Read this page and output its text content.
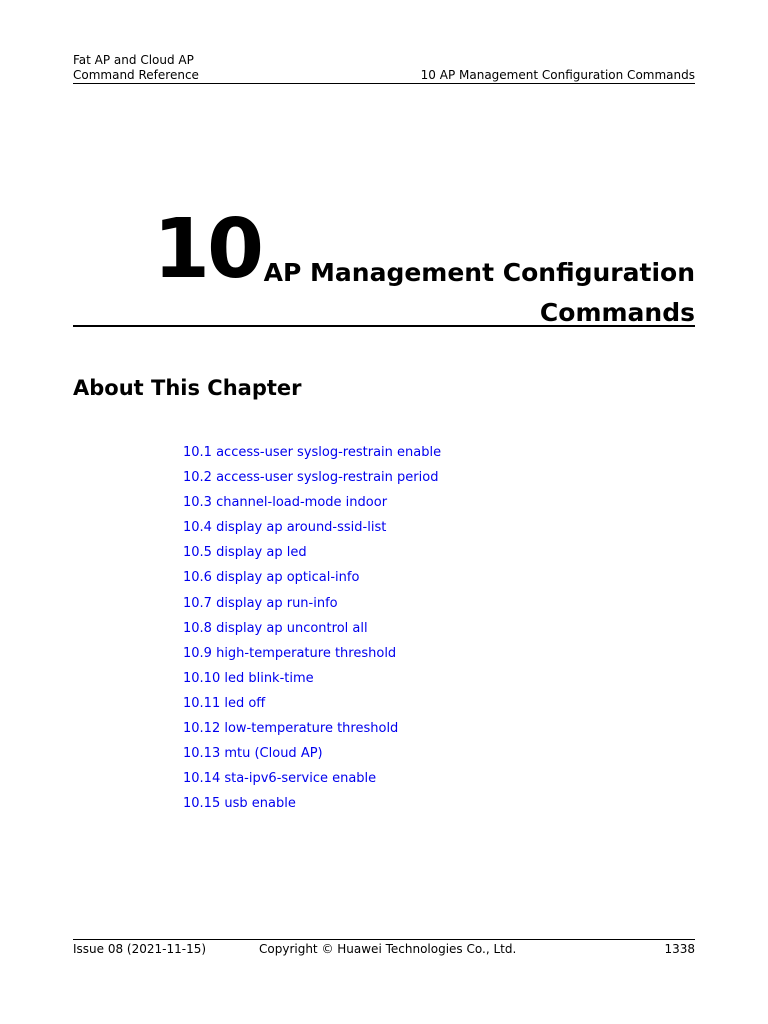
Fat AP and Cloud AP
Command Reference	10 AP Management Configuration Commands
10 AP Management Configuration
Commands
About This Chapter
10.1 access-user syslog-restrain enable
10.2 access-user syslog-restrain period
10.3 channel-load-mode indoor
10.4 display ap around-ssid-list
10.5 display ap led
10.6 display ap optical-info
10.7 display ap run-info
10.8 display ap uncontrol all
10.9 high-temperature threshold
10.10 led blink-time
10.11 led off
10.12 low-temperature threshold
10.13 mtu (Cloud AP)
10.14 sta-ipv6-service enable
10.15 usb enable
Issue 08 (2021-11-15)	Copyright © Huawei Technologies Co., Ltd.	1338
